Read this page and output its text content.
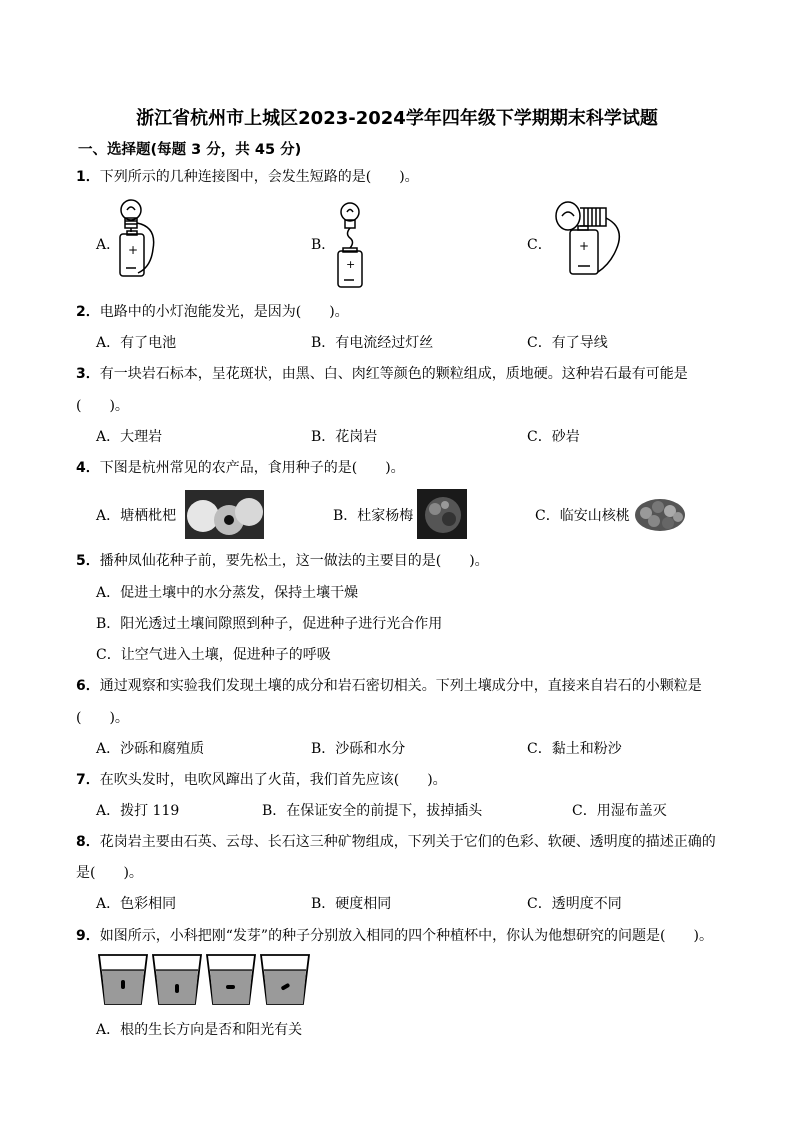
浙江省杭州市上城区2023-2024学年四年级下学期期末科学试题
一、选择题(每题 3 分，共 45 分)
1．下列所示的几种连接图中，会发生短路的是(　　)。
A．	B．	C．
+
+
+
2．电路中的小灯泡能发光，是因为(　　)。
A．有了电池	B．有电流经过灯丝	C．有了导线
3．有一块岩石标本，呈花斑状，由黑、白、肉红等颜色的颗粒组成，质地硬。这种岩石最有可能是
(　　)。
A．大理岩	B．花岗岩	C．砂岩
4．下图是杭州常见的农产品，食用种子的是(　　)。
A．塘栖枇杷	B．杜家杨梅	C．临安山核桃
5．播种凤仙花种子前，要先松土，这一做法的主要目的是(　　)。
A．促进土壤中的水分蒸发，保持土壤干燥
B．阳光透过土壤间隙照到种子，促进种子进行光合作用
C．让空气进入土壤，促进种子的呼吸
6．通过观察和实验我们发现土壤的成分和岩石密切相关。下列土壤成分中，直接来自岩石的小颗粒是
(　　)。
A．沙砾和腐殖质	B．沙砾和水分	C．黏土和粉沙
7．在吹头发时，电吹风蹿出了火苗，我们首先应该(　　)。
A．拨打 119	B．在保证安全的前提下，拔掉插头	C．用湿布盖灭
8．花岗岩主要由石英、云母、长石这三种矿物组成，下列关于它们的色彩、软硬、透明度的描述正确的
是(　　)。
A．色彩相同	B．硬度相同	C．透明度不同
9．如图所示，小科把刚“发芽”的种子分别放入相同的四个种植杯中，你认为他想研究的问题是(　　)。
A．根的生长方向是否和阳光有关
